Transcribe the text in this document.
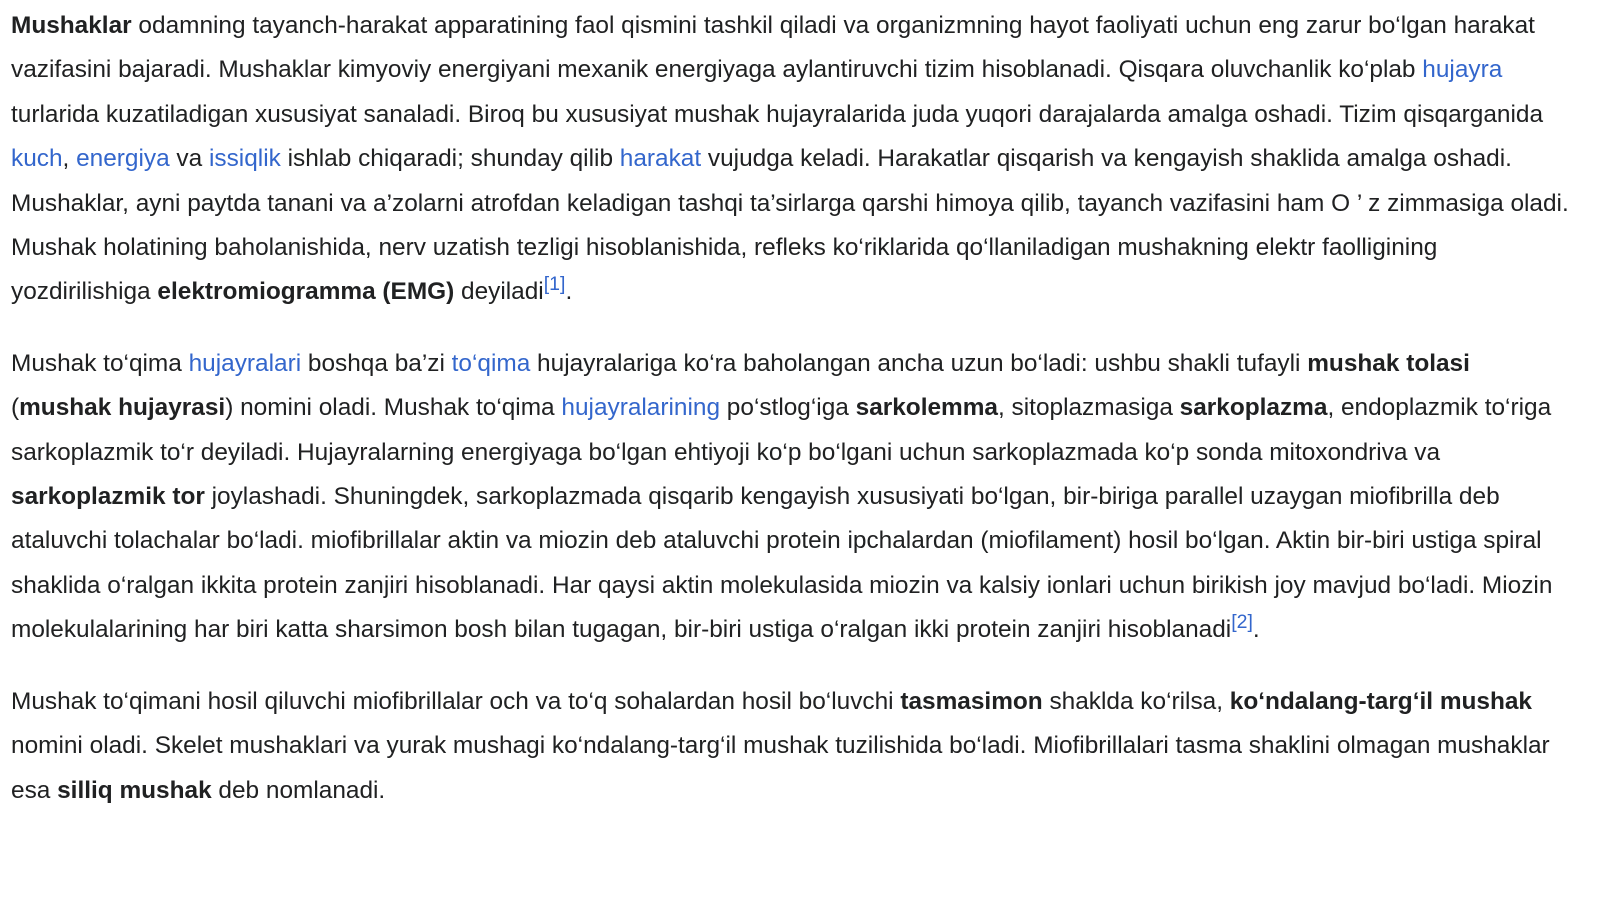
Mushaklar odamning tayanch-harakat apparatining faol qismini tashkil qiladi va organizmning hayot faoliyati uchun eng zarur bo‘lgan harakat vazifasini bajaradi. Mushaklar kimyoviy energiyani mexanik energiyaga aylantiruvchi tizim hisoblanadi. Qisqara oluvchanlik ko‘plab hujayra turlarida kuzatiladigan xususiyat sanaladi. Biroq bu xususiyat mushak hujayralarida juda yuqori darajalarda amalga oshadi. Tizim qisqarganida kuch, energiya va issiqlik ishlab chiqaradi; shunday qilib harakat vujudga keladi. Harakatlar qisqarish va kengayish shaklida amalga oshadi. Mushaklar, ayni paytda tanani va a’zolarni atrofdan keladigan tashqi ta’sirlarga qarshi himoya qilib, tayanch vazifasini ham O ’ z zimmasiga oladi. Mushak holatining baholanishida, nerv uzatish tezligi hisoblanishida, refleks ko‘riklarida qo‘llaniladigan mushakning elektr faolligining yozdirilishiga elektromiogramma (EMG) deyiladi[1].

Mushak to‘qima hujayralari boshqa ba’zi to‘qima hujayralariga ko‘ra baholangan ancha uzun bo‘ladi: ushbu shakli tufayli mushak tolasi (mushak hujayrasi) nomini oladi. Mushak to‘qima hujayralarining po‘stlog‘iga sarkolemma, sitoplazmasiga sarkoplazma, endoplazmik to‘riga sarkoplazmik to‘r deyiladi. Hujayralarning energiyaga bo‘lgan ehtiyoji ko‘p bo‘lgani uchun sarkoplazmada ko‘p sonda mitoxondriva va sarkoplazmik tor joylashadi. Shuningdek, sarkoplazmada qisqarib kengayish xususiyati bo‘lgan, bir-biriga parallel uzaygan miofibrilla deb ataluvchi tolachalar bo‘ladi. miofibrillalar aktin va miozin deb ataluvchi protein ipchalardan (miofilament) hosil bo‘lgan. Aktin bir-biri ustiga spiral shaklida o‘ralgan ikkita protein zanjiri hisoblanadi. Har qaysi aktin molekulasida miozin va kalsiy ionlari uchun birikish joy mavjud bo‘ladi. Miozin molekulalarining har biri katta sharsimon bosh bilan tugagan, bir-biri ustiga o‘ralgan ikki protein zanjiri hisoblanadi[2].

Mushak to‘qimani hosil qiluvchi miofibrillalar och va to‘q sohalardan hosil bo‘luvchi tasmasimon shaklda ko‘rilsa, ko‘ndalang-targ‘il mushak nomini oladi. Skelet mushaklari va yurak mushagi ko‘ndalang-targ‘il mushak tuzilishida bo‘ladi. Miofibrillalari tasma shaklini olmagan mushaklar esa silliq mushak deb nomlanadi.
